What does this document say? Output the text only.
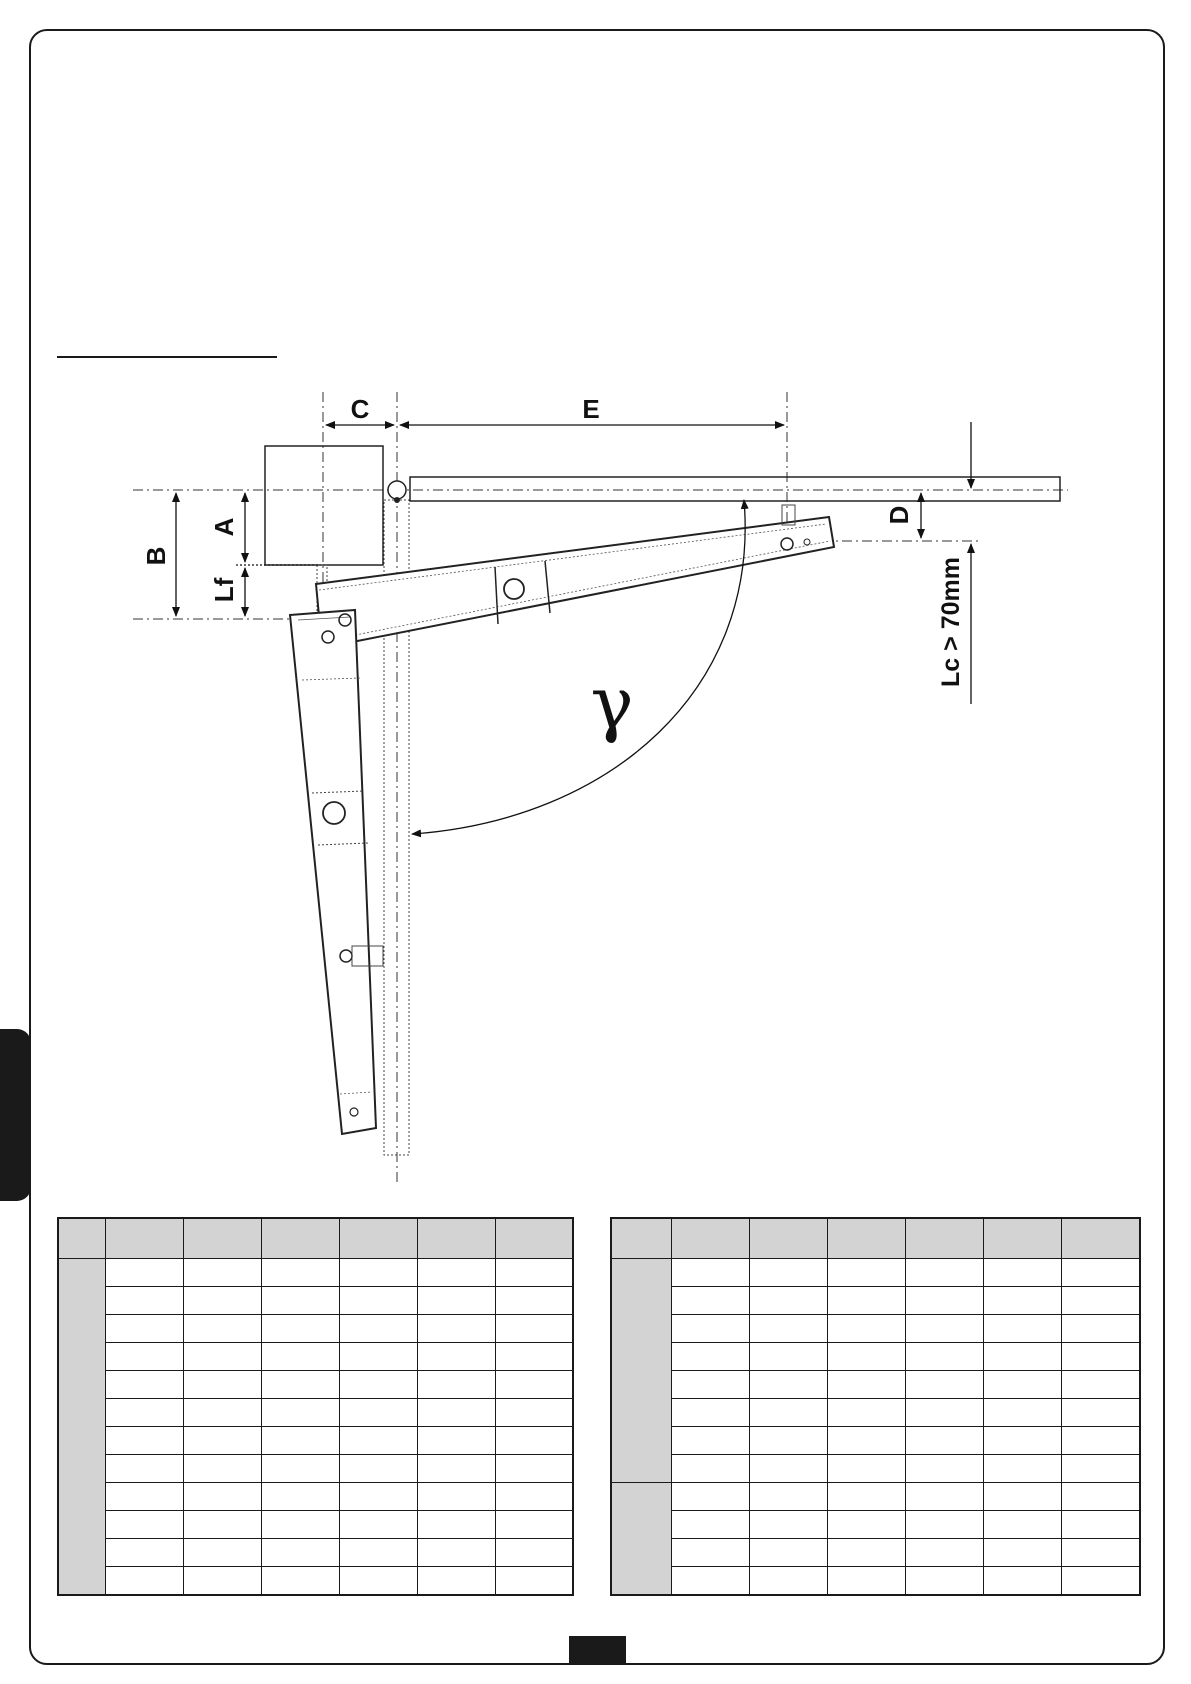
C	E
A
B
Lf
D
Lc > 70mm
γ
